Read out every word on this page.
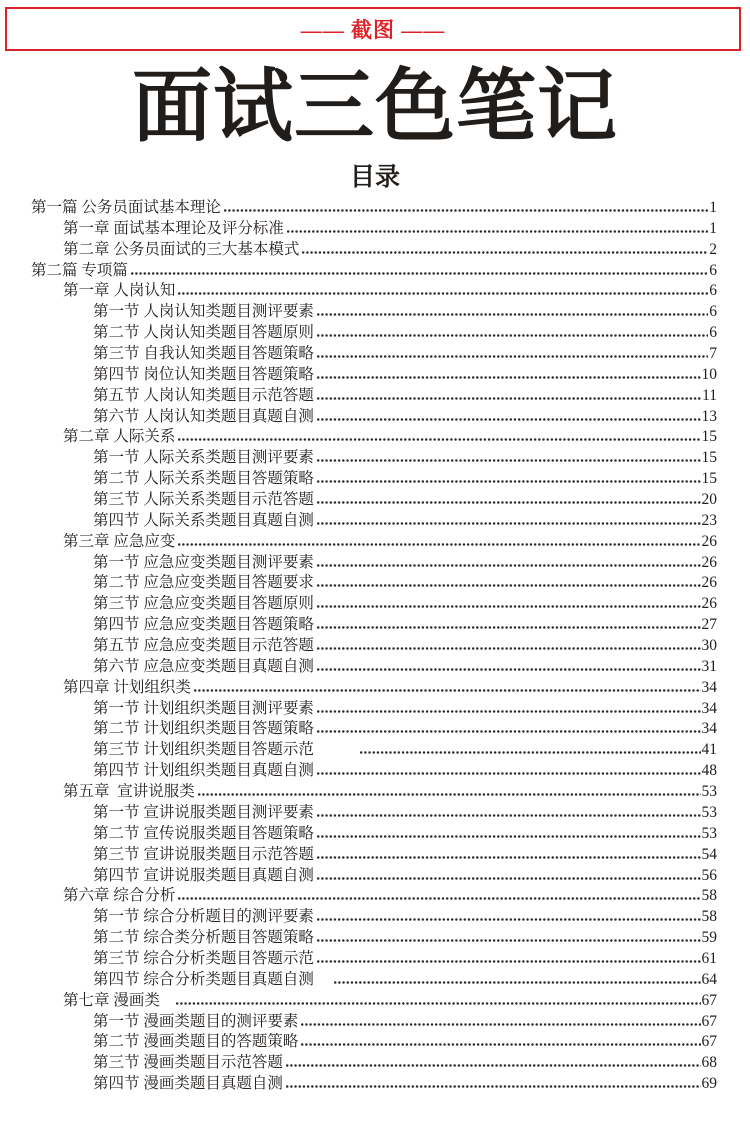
—— 截图 ——
面试三色笔记
目录
第一篇 公务员面试基本理论	1
第一章 面试基本理论及评分标准	1
第二章 公务员面试的三大基本模式	2
第二篇 专项篇	6
第一章 人岗认知	6
第一节 人岗认知类题目测评要素	6
第二节 人岗认知类题目答题原则	6
第三节 自我认知类题目答题策略	7
第四节 岗位认知类题目答题策略	10
第五节 人岗认知类题目示范答题	11
第六节 人岗认知类题目真题自测	13
第二章 人际关系	15
第一节 人际关系类题目测评要素	15
第二节 人际关系类题目答题策略	15
第三节 人际关系类题目示范答题	20
第四节 人际关系类题目真题自测	23
第三章 应急应变	26
第一节 应急应变类题目测评要素	26
第二节 应急应变类题目答题要求	26
第三节 应急应变类题目答题原则	26
第四节 应急应变类题目答题策略	27
第五节 应急应变类题目示范答题	30
第六节 应急应变类题目真题自测	31
第四章 计划组织类	34
第一节 计划组织类题目测评要素	34
第二节 计划组织类题目答题策略	34
第三节 计划组织类题目答题示范	41
第四节 计划组织类题目真题自测	48
第五章  宣讲说服类	53
第一节 宣讲说服类题目测评要素	53
第二节 宣传说服类题目答题策略	53
第三节 宣讲说服类题目示范答题	54
第四节 宣讲说服类题目真题自测	56
第六章 综合分析	58
第一节 综合分析题目的测评要素	58
第二节 综合类分析题目答题策略	59
第三节 综合分析类题目答题示范	61
第四节 综合分析类题目真题自测	64
第七章 漫画类	67
第一节 漫画类题目的测评要素	67
第二节 漫画类题目的答题策略	67
第三节 漫画类题目示范答题	68
第四节 漫画类题目真题自测	69
